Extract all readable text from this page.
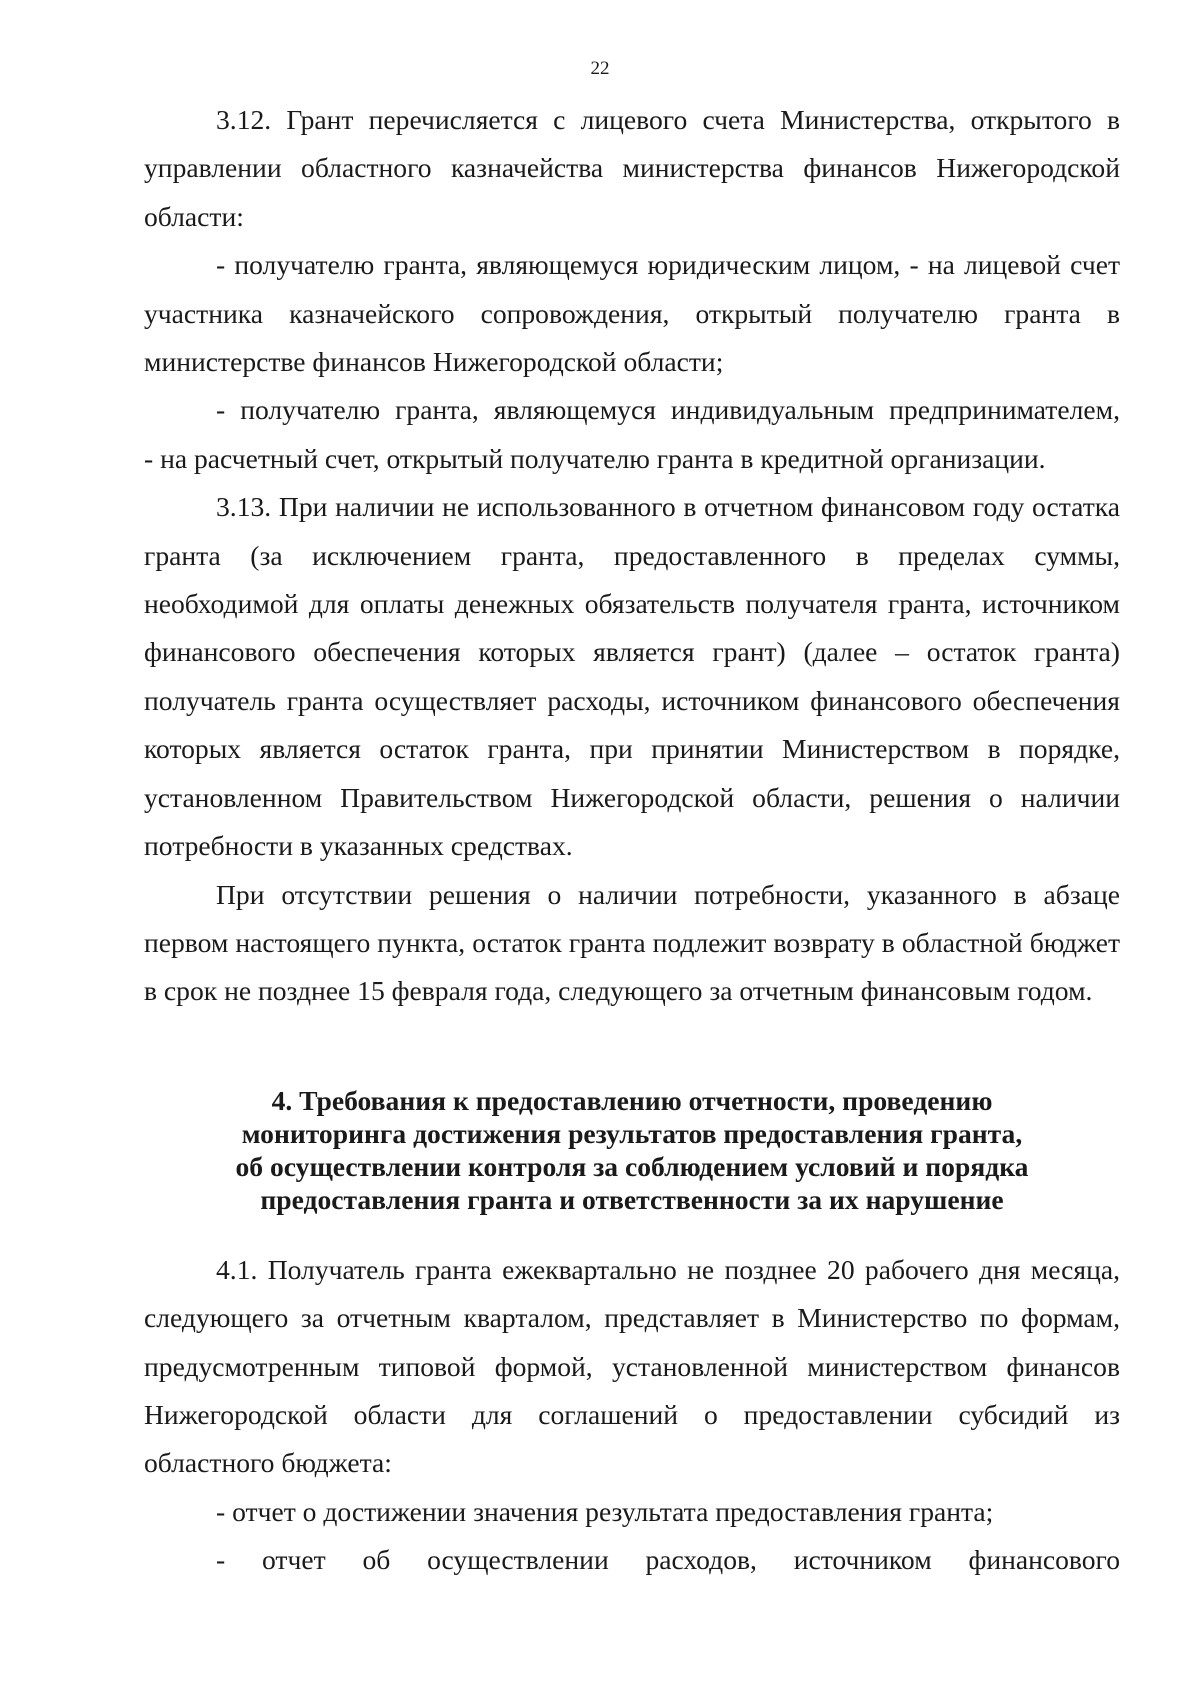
22

3.12. Грант перечисляется с лицевого счета Министерства, открытого в управлении областного казначейства министерства финансов Нижегородской области:

- получателю гранта, являющемуся юридическим лицом, - на лицевой счет участника казначейского сопровождения, открытый получателю гранта в министерстве финансов Нижегородской области;

- получателю гранта, являющемуся индивидуальным предпринимателем,

- на расчетный счет, открытый получателю гранта в кредитной организации.

3.13. При наличии не использованного в отчетном финансовом году остатка гранта (за исключением гранта, предоставленного в пределах суммы, необходимой для оплаты денежных обязательств получателя гранта, источником финансового обеспечения которых является грант) (далее – остаток гранта) получатель гранта осуществляет расходы, источником финансового обеспечения которых является остаток гранта, при принятии Министерством в порядке, установленном Правительством Нижегородской области, решения о наличии потребности в указанных средствах.

При отсутствии решения о наличии потребности, указанного в абзаце первом настоящего пункта, остаток гранта подлежит возврату в областной бюджет в срок не позднее 15 февраля года, следующего за отчетным финансовым годом.

4. Требования к предоставлению отчетности, проведению
мониторинга достижения результатов предоставления гранта,
об осуществлении контроля за соблюдением условий и порядка
предоставления гранта и ответственности за их нарушение

4.1. Получатель гранта ежеквартально не позднее 20 рабочего дня месяца, следующего за отчетным кварталом, представляет в Министерство по формам, предусмотренным типовой формой, установленной министерством финансов Нижегородской области для соглашений о предоставлении субсидий из областного бюджета:

- отчет о достижении значения результата предоставления гранта;

- отчет об осуществлении расходов, источником финансового
